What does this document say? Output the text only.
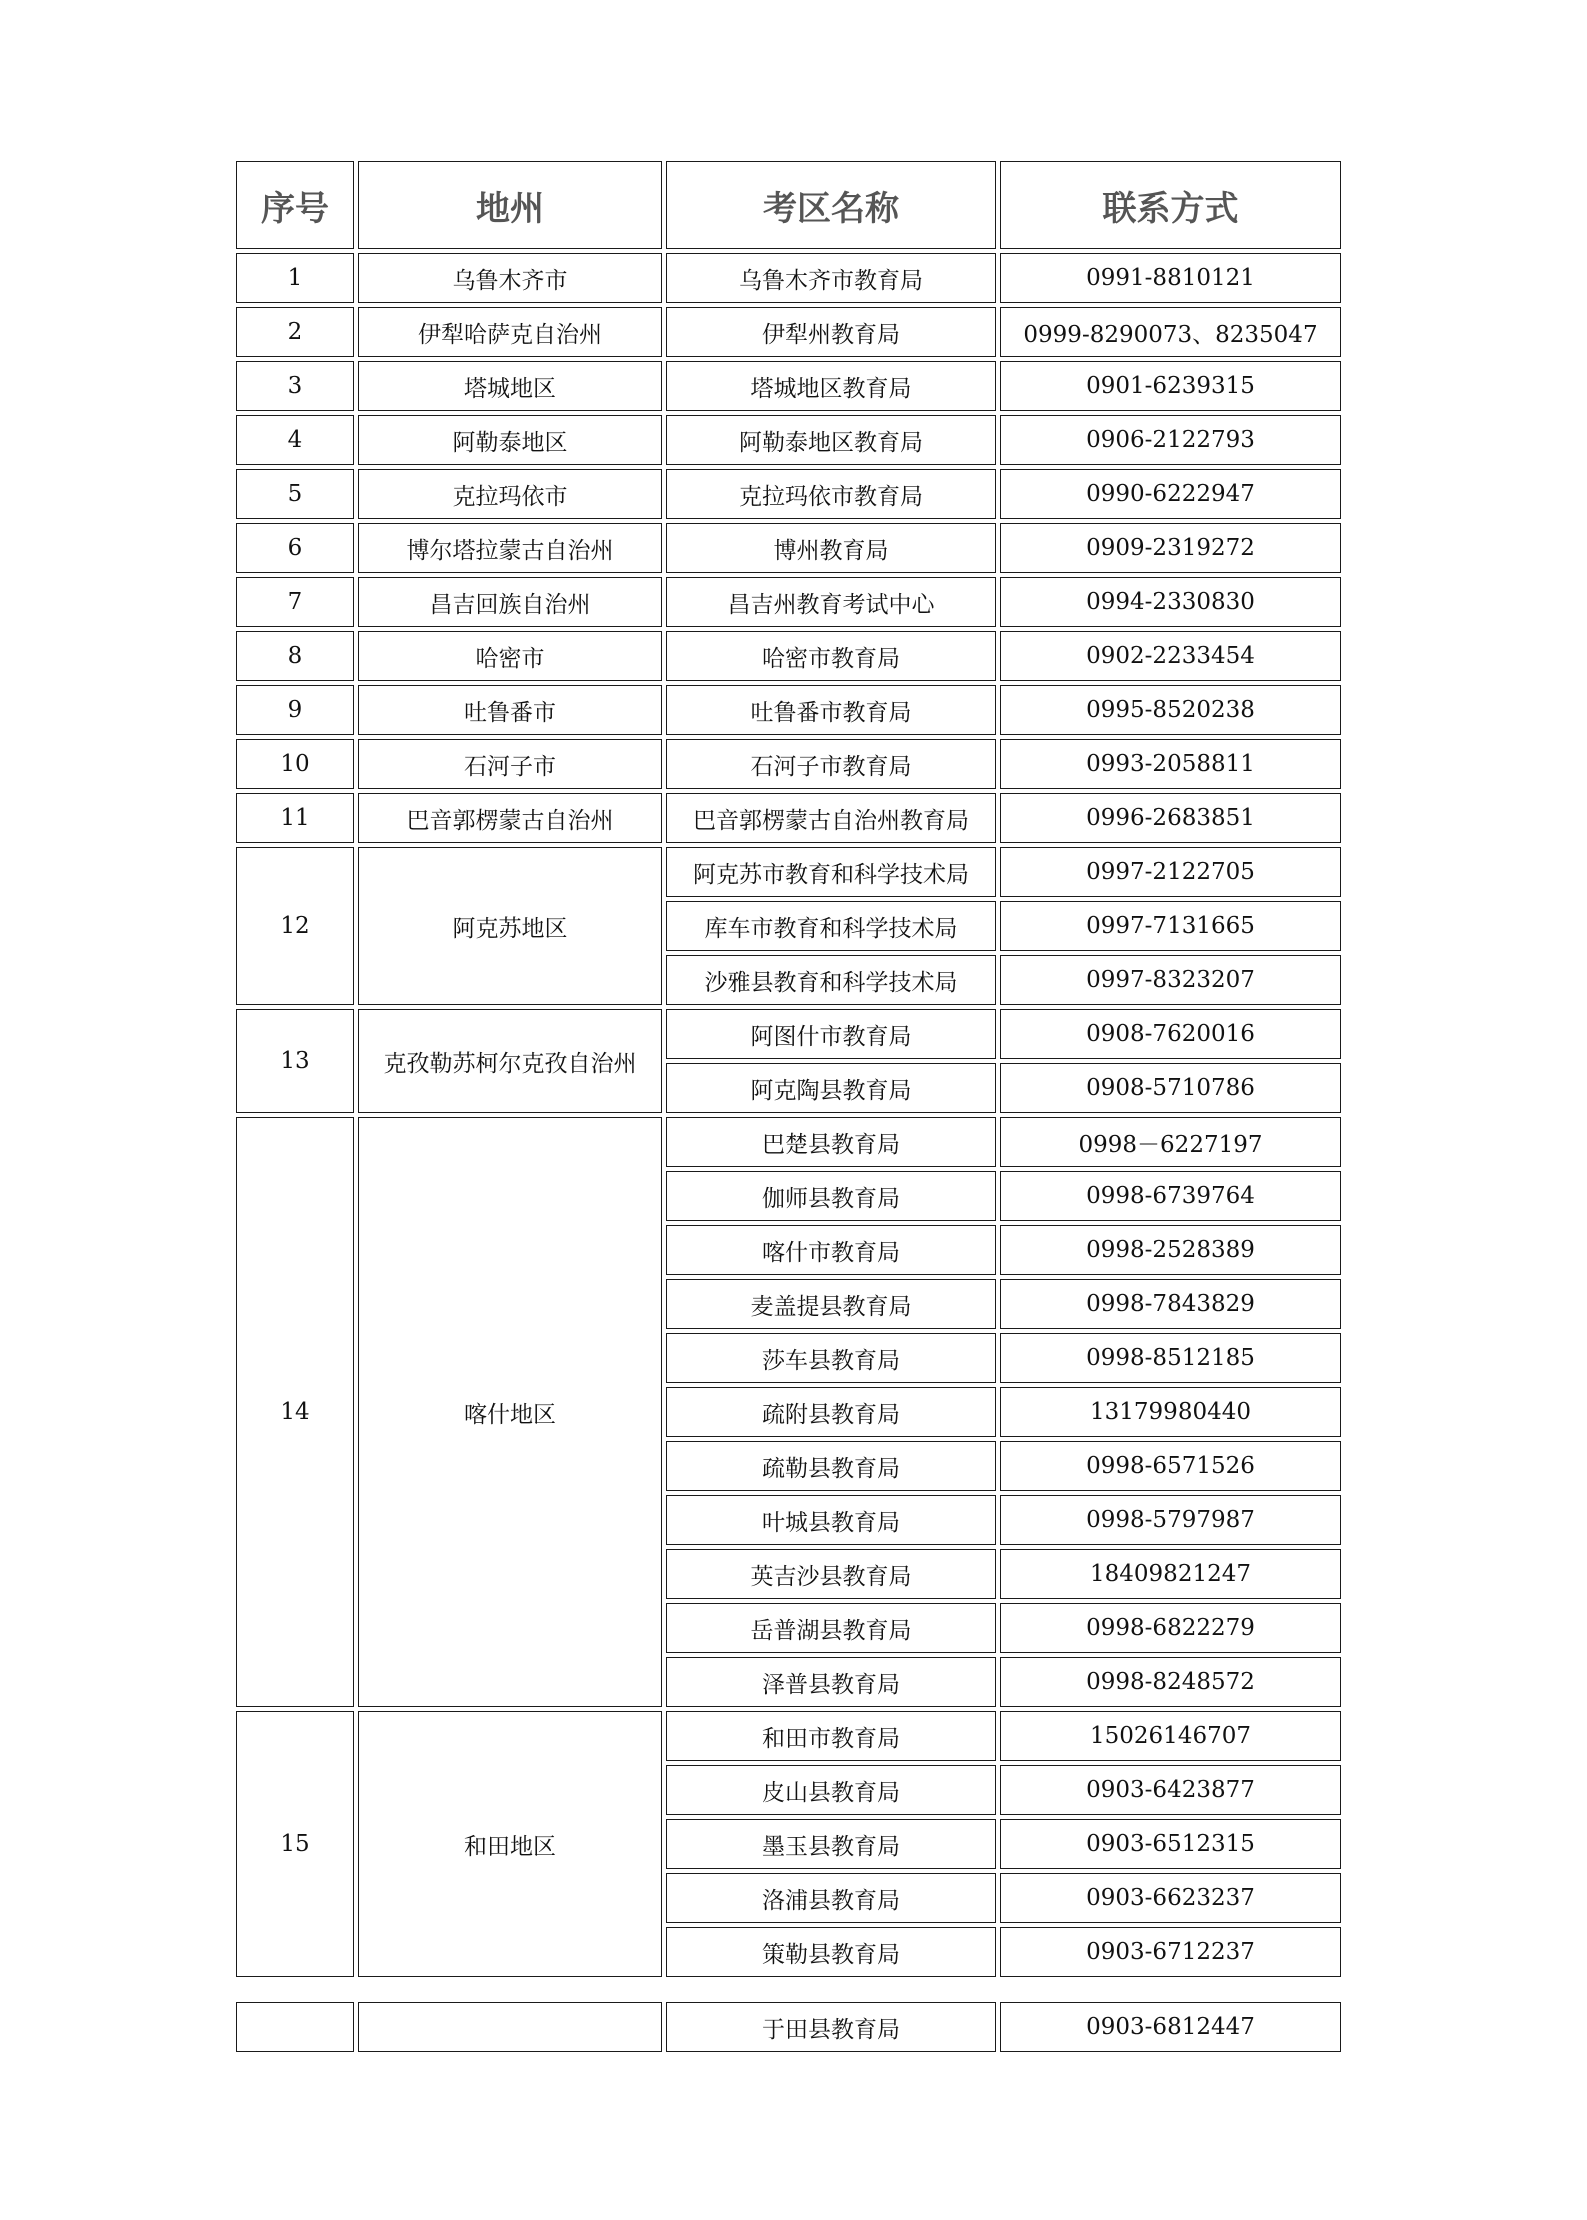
序号	地州	考区名称	联系方式
1	乌鲁木齐市	乌鲁木齐市教育局	0991-8810121
2	伊犁哈萨克自治州	伊犁州教育局	0999-8290073、8235047
3	塔城地区	塔城地区教育局	0901-6239315
4	阿勒泰地区	阿勒泰地区教育局	0906-2122793
5	克拉玛依市	克拉玛依市教育局	0990-6222947
6	博尔塔拉蒙古自治州	博州教育局	0909-2319272
7	昌吉回族自治州	昌吉州教育考试中心	0994-2330830
8	哈密市	哈密市教育局	0902-2233454
9	吐鲁番市	吐鲁番市教育局	0995-8520238
10	石河子市	石河子市教育局	0993-2058811
11	巴音郭楞蒙古自治州	巴音郭楞蒙古自治州教育局	0996-2683851
12	阿克苏地区	阿克苏市教育和科学技术局	0997-2122705
		库车市教育和科学技术局	0997-7131665
		沙雅县教育和科学技术局	0997-8323207
13	克孜勒苏柯尔克孜自治州	阿图什市教育局	0908-7620016
		阿克陶县教育局	0908-5710786
14	喀什地区	巴楚县教育局	0998－6227197
		伽师县教育局	0998-6739764
		喀什市教育局	0998-2528389
		麦盖提县教育局	0998-7843829
		莎车县教育局	0998-8512185
		疏附县教育局	13179980440
		疏勒县教育局	0998-6571526
		叶城县教育局	0998-5797987
		英吉沙县教育局	18409821247
		岳普湖县教育局	0998-6822279
		泽普县教育局	0998-8248572
15	和田地区	和田市教育局	15026146707
		皮山县教育局	0903-6423877
		墨玉县教育局	0903-6512315
		洛浦县教育局	0903-6623237
		策勒县教育局	0903-6712237
		于田县教育局	0903-6812447
